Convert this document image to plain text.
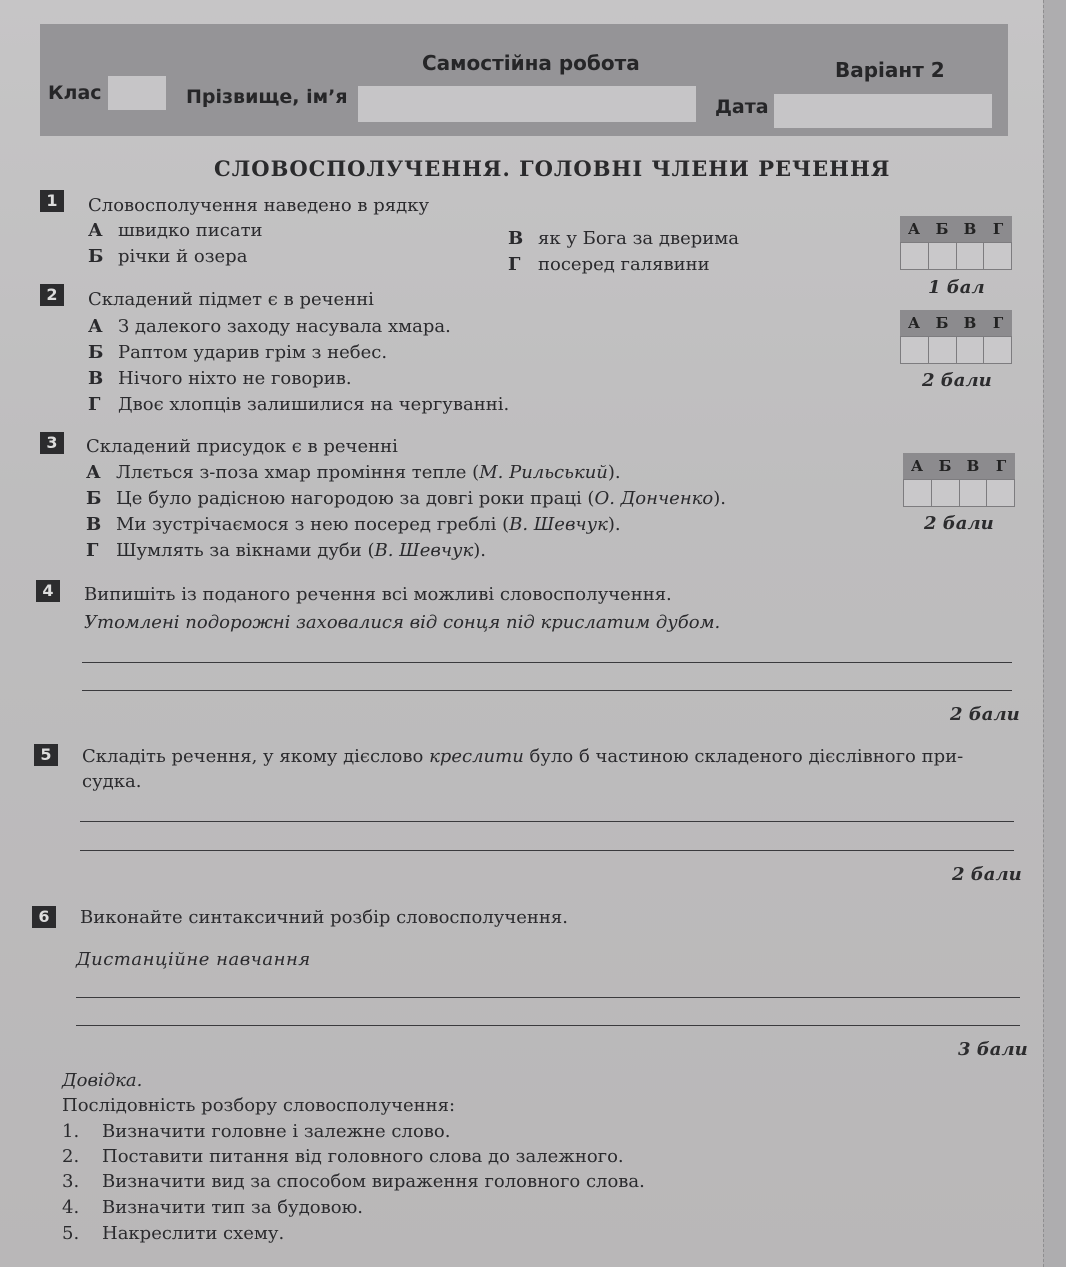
Самостійна робота	Варіант 2
Клас	Прізвище, ім’я	Дата
СЛОВОСПОЛУЧЕННЯ. ГОЛОВНІ ЧЛЕНИ РЕЧЕННЯ
1	Словосполучення наведено в рядку
А швидко писати
Б річки й озера
В як у Бога за дверима
Г посеред галявини
А	Б	В	Г
1 бал
2	Складений підмет є в реченні
А З далекого заходу насувала хмара.
Б Раптом ударив грім з небес.
В Нічого ніхто не говорив.
Г Двоє хлопців залишилися на чергуванні.
А	Б	В	Г
2 бали
3	Складений присудок є в реченні
А Ллється з-поза хмар проміння тепле (М. Рильський).
Б Це було радісною нагородою за довгі роки праці (О. Донченко).
В Ми зустрічаємося з нею посеред греблі (В. Шевчук).
Г Шумлять за вікнами дуби (В. Шевчук).
А	Б	В	Г
2 бали
4	Випишіть із поданого речення всі можливі словосполучення.
Утомлені подорожні заховалися від сонця під крислатим дубом.
2 бали
5	Складіть речення, у якому дієслово креслити було б частиною складеного дієслівного при-
судка.
2 бали
6	Виконайте синтаксичний розбір словосполучення.
Дистанційне навчання
3 бали
Довідка.
Послідовність розбору словосполучення:
1. Визначити головне і залежне слово.
2. Поставити питання від головного слова до залежного.
3. Визначити вид за способом вираження головного слова.
4. Визначити тип за будовою.
5. Накреслити схему.
